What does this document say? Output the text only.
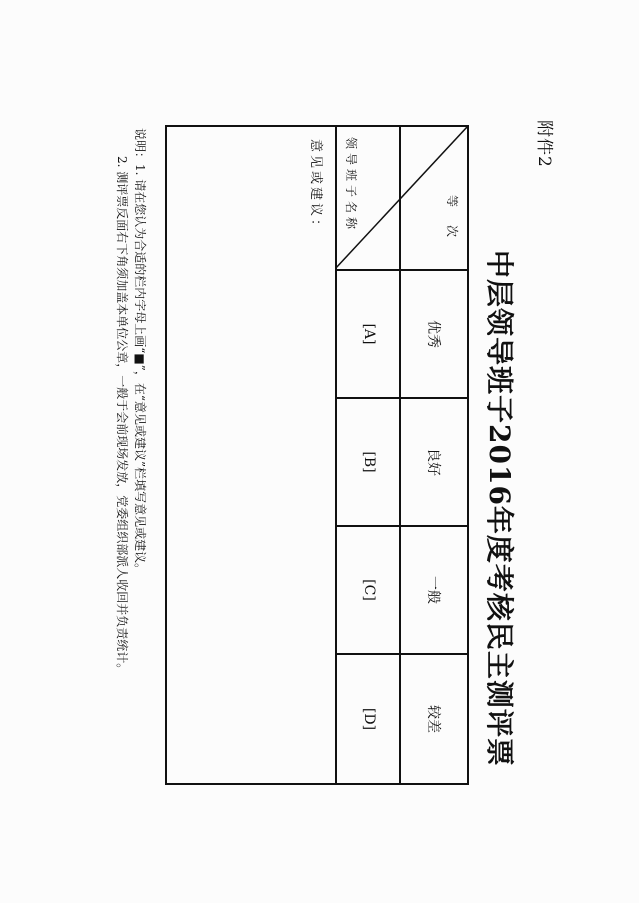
附件2
中层领导班子2016年度考核民主测评票
优秀
良好
一般
较差
[A]
[B]
[C]
[D]
等次
领导班子名称
意见或建议：
说明：1. 请在您认为合适的栏内字母上画“■”，在“意见或建议”栏填写意见或建议。
2. 测评票反面右下角须加盖本单位公章，一般于会前现场发放，党委组织部派人收回并负责统计。
